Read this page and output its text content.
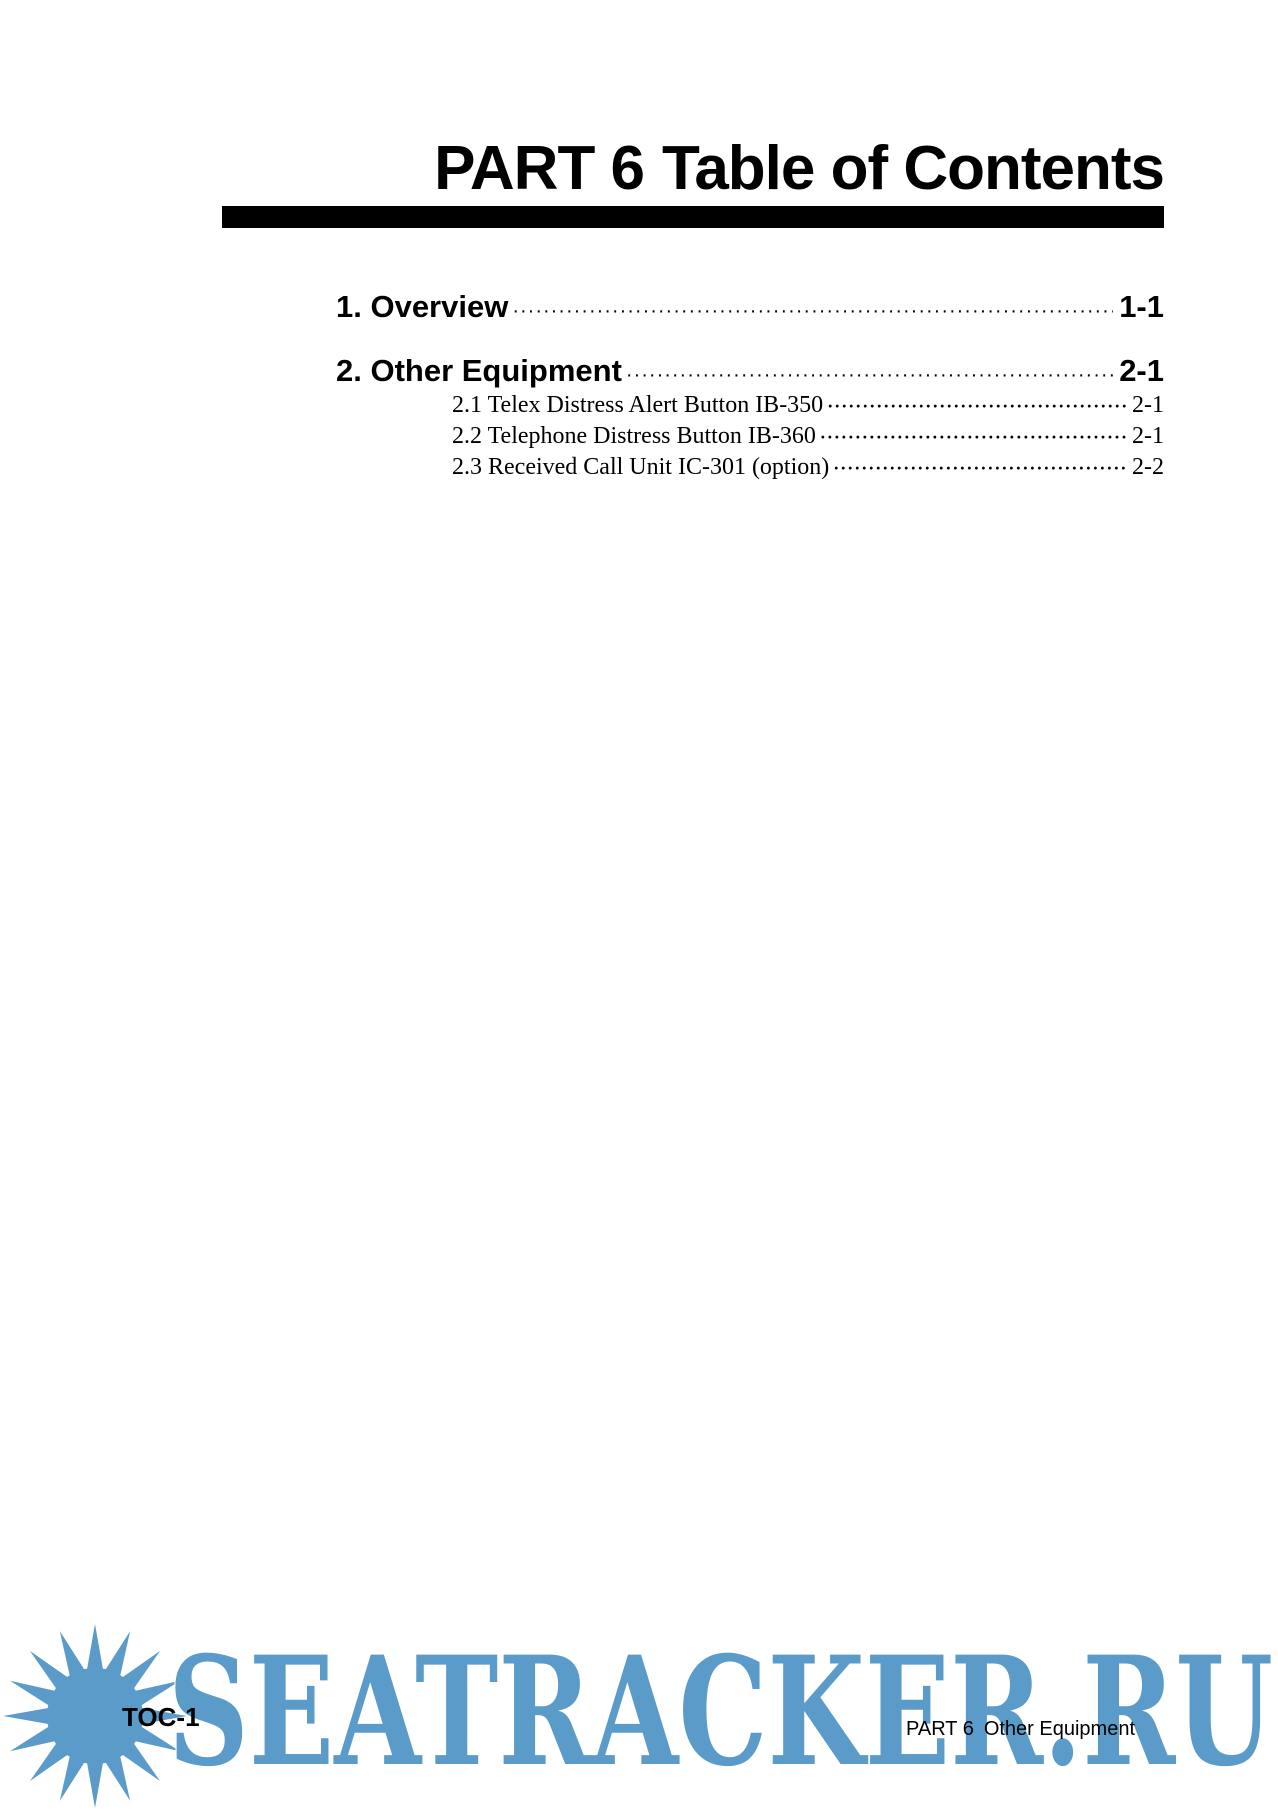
PART 6 Table of Contents
1. Overview ·····	1-1
2. Other Equipment ·····	2-1
2.1 Telex Distress Alert Button IB-350 ·····	2-1
2.2 Telephone Distress Button IB-360 ·····	2-1
2.3 Received Call Unit IC-301 (option) ·····	2-2
SEATRACKER.RU
TOC-1	PART 6 Other Equipment
